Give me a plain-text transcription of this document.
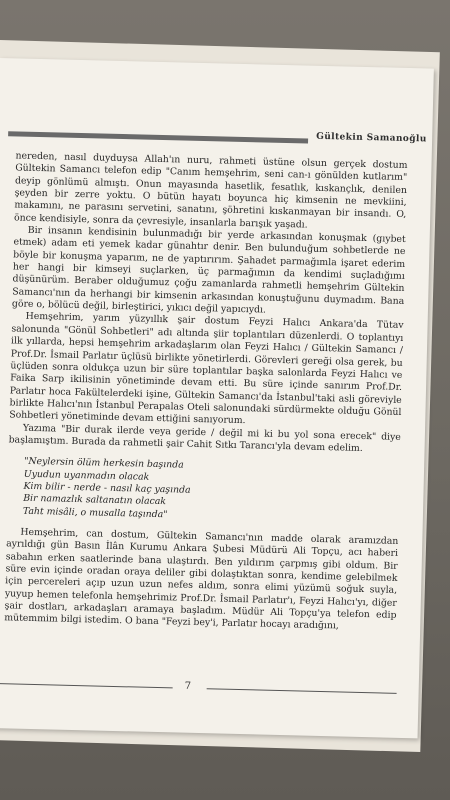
Gültekin Samanoğlu

nereden, nasıl duyduysa Allah'ın nuru, rahmeti üstüne olsun gerçek dostum Gültekin Samancı telefon edip "Canım hemşehrim, seni can-ı gönülden kutlarım" deyip gönlümü almıştı. Onun mayasında hasetlik, fesatlık, kıskançlık, denilen şeyden bir zerre yoktu. O bütün hayatı boyunca hiç kimsenin ne mevkiini, makamını, ne parasını servetini, sanatını, şöhretini kıskanmayan bir insandı. O, önce kendisiyle, sonra da çevresiyle, insanlarla barışık yaşadı.

Bir insanın kendisinin bulunmadığı bir yerde arkasından konuşmak (gıybet etmek) adam eti yemek kadar günahtır denir. Ben bulunduğum sohbetlerde ne böyle bir konuşma yaparım, ne de yaptırırım. Şahadet parmağımla işaret ederim her hangi bir kimseyi suçlarken, üç parmağımın da kendimi suçladığımı düşünürüm. Beraber olduğumuz çoğu zamanlarda rahmetli hemşehrim Gültekin Samancı'nın da herhangi bir kimsenin arkasından konuştuğunu duymadım. Bana göre o, bölücü değil, birleştirici, yıkıcı değil yapıcıydı.

Hemşehrim, yarım yüzyıllık şair dostum Feyzi Halıcı Ankara'da Tütav salonunda "Gönül Sohbetleri" adı altında şiir toplantıları düzenlerdi. O toplantıyı ilk yıllarda, hepsi hemşehrim arkadaşlarım olan Feyzi Halıcı / Gültekin Samancı / Prof.Dr. İsmail Parlatır üçlüsü birlikte yönetirlerdi. Görevleri gereği olsa gerek, bu üçlüden sonra oldukça uzun bir süre toplantılar başka salonlarda Feyzi Halıcı ve Faika Sarp ikilisinin yönetiminde devam etti. Bu süre içinde sanırım Prof.Dr. Parlatır hoca Fakültelerdeki işine, Gültekin Samancı'da İstanbul'taki asli göreviyle birlikte Halıcı'nın İstanbul Perapalas Oteli salonundaki sürdürmekte olduğu Gönül Sohbetleri yönetiminde devam ettiğini sanıyorum.

Yazıma "Bir durak ilerde veya geride / değil mi ki bu yol sona erecek" diye başlamıştım. Burada da rahmetli şair Cahit Sıtkı Tarancı'yla devam edelim.

"Neylersin ölüm herkesin başında
Uyudun uyanmadın olacak
Kim bilir - nerde - nasıl kaç yaşında
Bir namazlık saltanatın olacak
Taht misâli, o musalla taşında"

Hemşehrim, can dostum, Gültekin Samancı'nın madde olarak aramızdan ayrıldığı gün Basın İlân Kurumu Ankara Şubesi Müdürü Ali Topçu, acı haberi sabahın erken saatlerinde bana ulaştırdı. Ben yıldırım çarpmış gibi oldum. Bir süre evin içinde oradan oraya deliler gibi dolaştıktan sonra, kendime gelebilmek için percereleri açıp uzun uzun nefes aldım, sonra elimi yüzümü soğuk suyla, yuyup hemen telefonla hemşehrimiz Prof.Dr. İsmail Parlatır'ı, Feyzi Halıcı'yı, diğer şair dostları, arkadaşları aramaya başladım. Müdür Ali Topçu'ya telefon edip mütemmim bilgi istedim. O bana "Feyzi bey'i, Parlatır hocayı aradığını,

7
